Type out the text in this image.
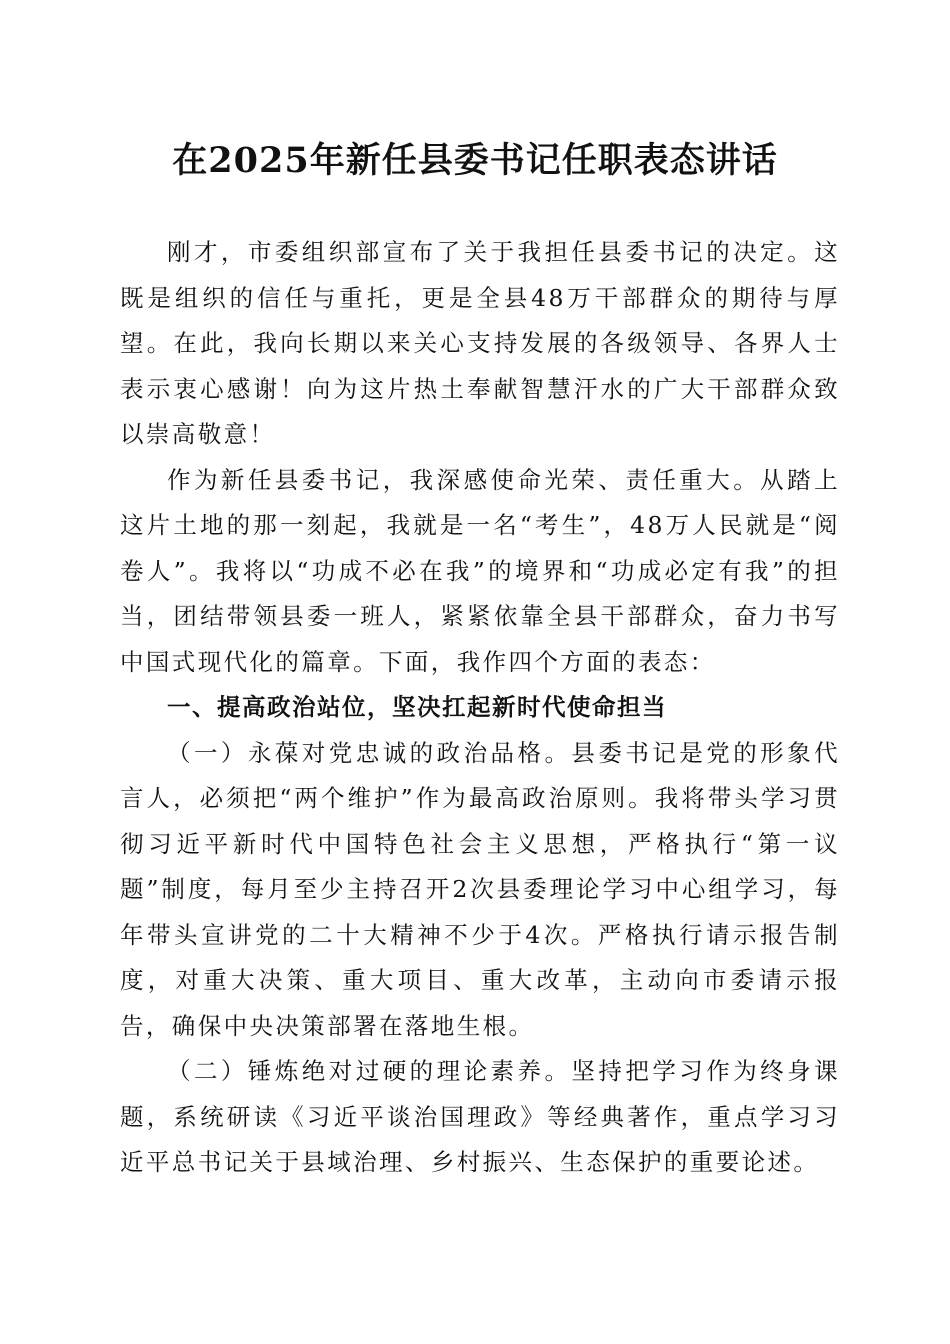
在2025年新任县委书记任职表态讲话

刚才，市委组织部宣布了关于我担任县委书记的决定。这既是组织的信任与重托，更是全县48万干部群众的期待与厚望。在此，我向长期以来关心支持发展的各级领导、各界人士表示衷心感谢！向为这片热土奉献智慧汗水的广大干部群众致以崇高敬意！

作为新任县委书记，我深感使命光荣、责任重大。从踏上这片土地的那一刻起，我就是一名“考生”，48万人民就是“阅卷人”。我将以“功成不必在我”的境界和“功成必定有我”的担当，团结带领县委一班人，紧紧依靠全县干部群众，奋力书写中国式现代化的篇章。下面，我作四个方面的表态：

一、提高政治站位，坚决扛起新时代使命担当

（一）永葆对党忠诚的政治品格。县委书记是党的形象代言人，必须把“两个维护”作为最高政治原则。我将带头学习贯彻习近平新时代中国特色社会主义思想，严格执行“第一议题”制度，每月至少主持召开2次县委理论学习中心组学习，每年带头宣讲党的二十大精神不少于4次。严格执行请示报告制度，对重大决策、重大项目、重大改革，主动向市委请示报告，确保中央决策部署在落地生根。

（二）锤炼绝对过硬的理论素养。坚持把学习作为终身课题，系统研读《习近平谈治国理政》等经典著作，重点学习习近平总书记关于县域治理、乡村振兴、生态保护的重要论述。
